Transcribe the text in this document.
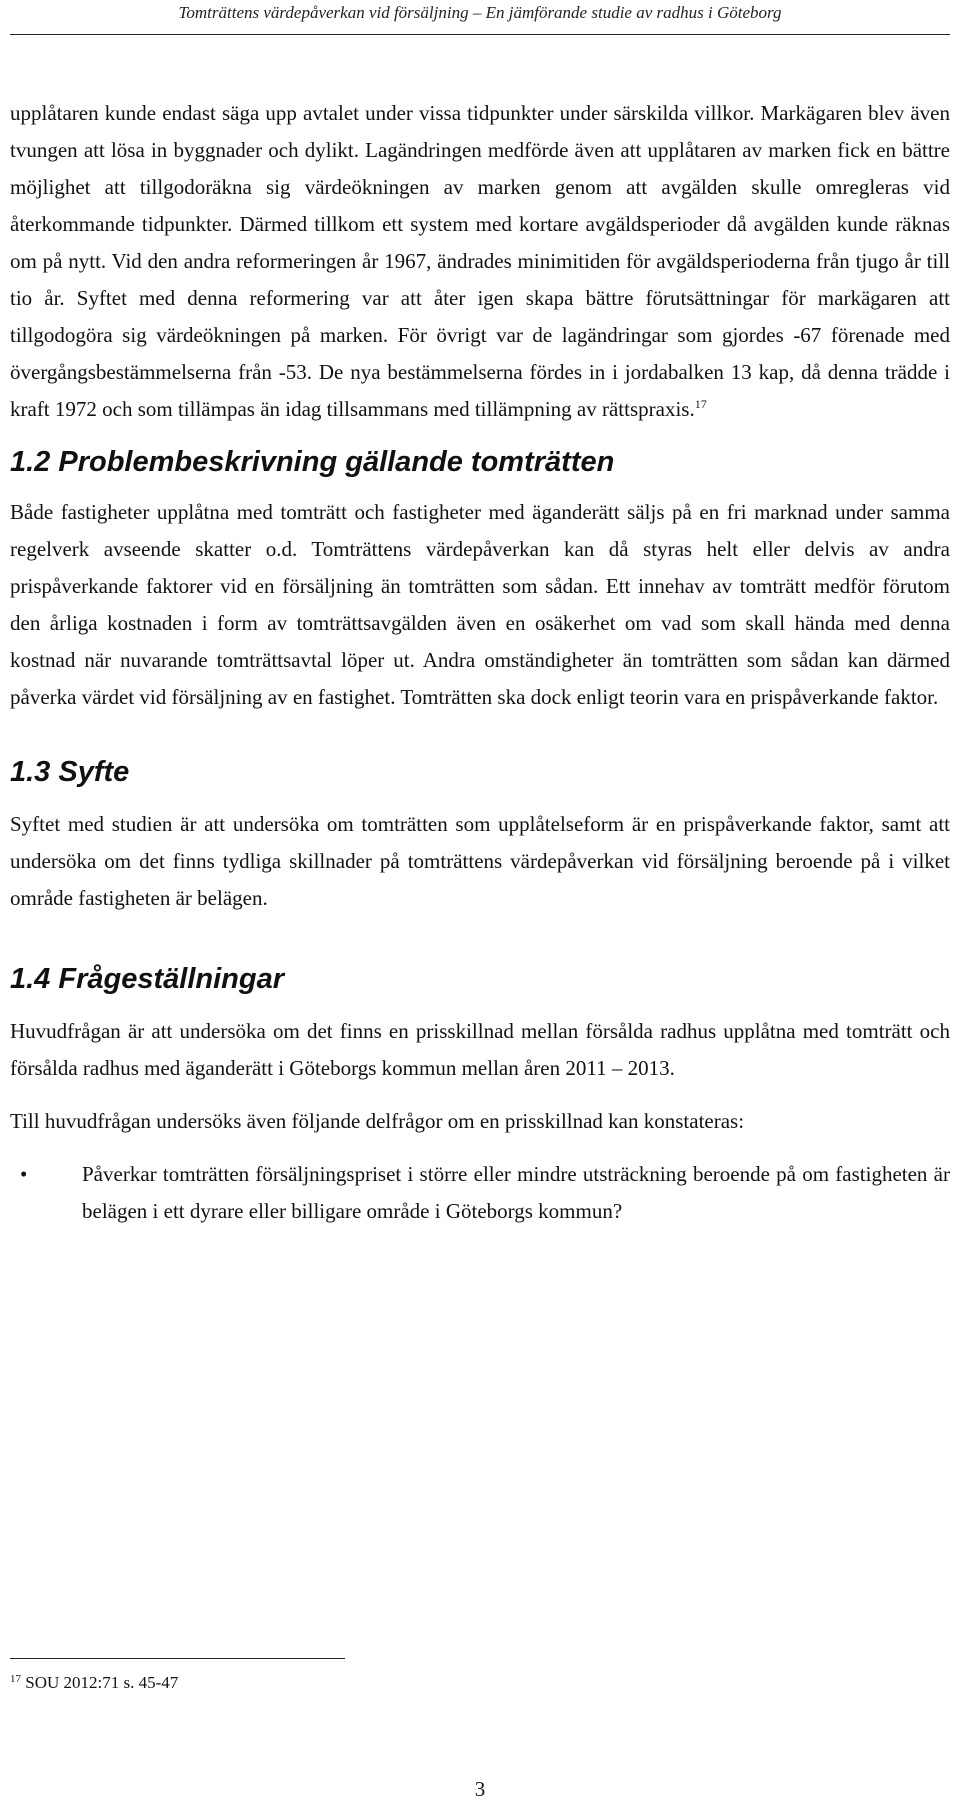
Tomträttens värdepåverkan vid försäljning – En jämförande studie av radhus i Göteborg

upplåtaren kunde endast säga upp avtalet under vissa tidpunkter under särskilda villkor. Markägaren blev även tvungen att lösa in byggnader och dylikt. Lagändringen medförde även att upplåtaren av marken fick en bättre möjlighet att tillgodoräkna sig värdeökningen av marken genom att avgälden skulle omregleras vid återkommande tidpunkter. Därmed tillkom ett system med kortare avgäldsperioder då avgälden kunde räknas om på nytt. Vid den andra reformeringen år 1967, ändrades minimitiden för avgäldsperioderna från tjugo år till tio år. Syftet med denna reformering var att åter igen skapa bättre förutsättningar för markägaren att tillgodogöra sig värdeökningen på marken. För övrigt var de lagändringar som gjordes -67 förenade med övergångsbestämmelserna från -53. De nya bestämmelserna fördes in i jordabalken 13 kap, då denna trädde i kraft 1972 och som tillämpas än idag tillsammans med tillämpning av rättspraxis.$^{17}$

1.2 Problembeskrivning gällande tomträtten

Både fastigheter upplåtna med tomträtt och fastigheter med äganderätt säljs på en fri marknad under samma regelverk avseende skatter o.d. Tomträttens värdepåverkan kan då styras helt eller delvis av andra prispåverkande faktorer vid en försäljning än tomträtten som sådan. Ett innehav av tomträtt medför förutom den årliga kostnaden i form av tomträttsavgälden även en osäkerhet om vad som skall hända med denna kostnad när nuvarande tomträttsavtal löper ut. Andra omständigheter än tomträtten som sådan kan därmed påverka värdet vid försäljning av en fastighet. Tomträtten ska dock enligt teorin vara en prispåverkande faktor.

1.3 Syfte

Syftet med studien är att undersöka om tomträtten som upplåtelseform är en prispåverkande faktor, samt att undersöka om det finns tydliga skillnader på tomträttens värdepåverkan vid försäljning beroende på i vilket område fastigheten är belägen.

1.4 Frågeställningar

Huvudfrågan är att undersöka om det finns en prisskillnad mellan försålda radhus upplåtna med tomträtt och försålda radhus med äganderätt i Göteborgs kommun mellan åren 2011 – 2013.

Till huvudfrågan undersöks även följande delfrågor om en prisskillnad kan konstateras:

•	Påverkar tomträtten försäljningspriset i större eller mindre utsträckning beroende på om fastigheten är belägen i ett dyrare eller billigare område i Göteborgs kommun?
$^{17}$ SOU 2012:71 s. 45-47
3
